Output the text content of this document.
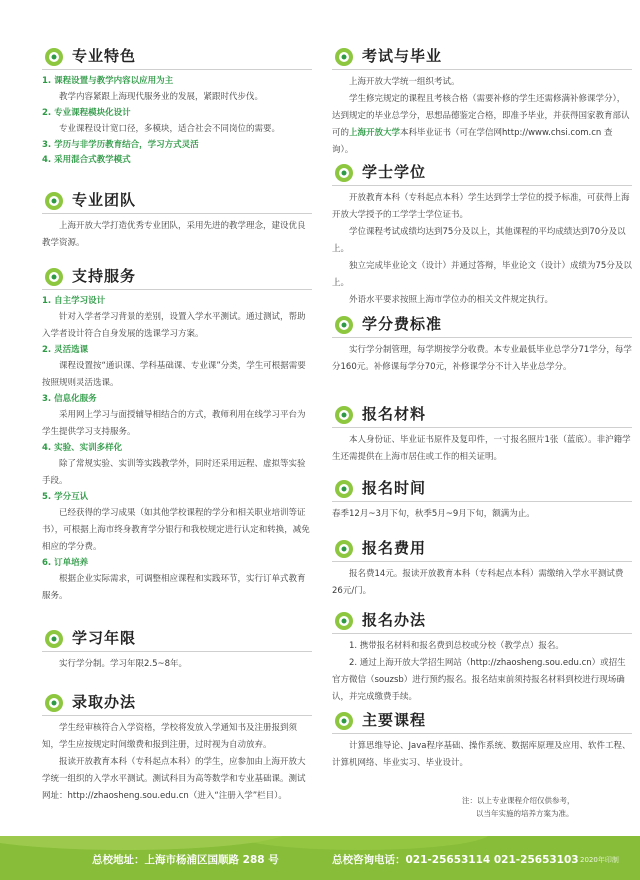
专业特色

1. 课程设置与教学内容以应用为主

教学内容紧跟上海现代服务业的发展，紧跟时代步伐。

2. 专业课程模块化设计

专业课程设计宽口径，多模块，适合社会不同岗位的需要。

3. 学历与非学历教育结合，学习方式灵活

4. 采用混合式教学模式

专业团队

上海开放大学打造优秀专业团队，采用先进的教学理念，建设优良教学资源。

支持服务

1. 自主学习设计

针对入学者学习背景的差别，设置入学水平测试。通过测试，帮助入学者设计符合自身发展的选课学习方案。

2. 灵活选课

课程设置按“通识课、学科基础课、专业课”分类，学生可根据需要按照规则灵活选课。

3. 信息化服务

采用网上学习与面授辅导相结合的方式，教师利用在线学习平台为学生提供学习支持服务。

4. 实验、实训多样化

除了常规实验、实训等实践教学外，同时还采用远程、虚拟等实验手段。

5. 学分互认

已经获得的学习成果（如其他学校课程的学分和相关职业培训等证书），可根据上海市终身教育学分银行和我校规定进行认定和转换，减免相应的学分费。

6. 订单培养

根据企业实际需求，可调整相应课程和实践环节，实行订单式教育服务。

学习年限

实行学分制。学习年限2.5~8年。

录取办法

学生经审核符合入学资格，学校将发放入学通知书及注册报到须知，学生应按规定时间缴费和报到注册，过时视为自动放弃。

报读开放教育本科（专科起点本科）的学生，应参加由上海开放大学统一组织的入学水平测试。测试科目为高等数学和专业基础课。测试网址：http://zhaosheng.sou.edu.cn（进入“注册入学”栏目）。

考试与毕业

上海开放大学统一组织考试。

学生修完规定的课程且考核合格（需要补修的学生还需修满补修课学分），达到规定的毕业总学分，思想品德鉴定合格，即准予毕业，并获得国家教育部认可的上海开放大学本科毕业证书（可在学信网http://www.chsi.com.cn 查询）。

学士学位

开放教育本科（专科起点本科）学生达到学士学位的授予标准，可获得上海开放大学授予的工学学士学位证书。

学位课程考试成绩均达到75分及以上，其他课程的平均成绩达到70分及以上。

独立完成毕业论文（设计）并通过答辩，毕业论文（设计）成绩为75分及以上。

外语水平要求按照上海市学位办的相关文件规定执行。

学分费标准

实行学分制管理，每学期按学分收费。本专业最低毕业总学分71学分，每学分160元。补修课每学分70元，补修课学分不计入毕业总学分。

报名材料

本人身份证、毕业证书原件及复印件，一寸报名照片1张（蓝底）。非沪籍学生还需提供在上海市居住或工作的相关证明。

报名时间

春季12月~3月下旬，秋季5月~9月下旬，额满为止。

报名费用

报名费14元。报读开放教育本科（专科起点本科）需缴纳入学水平测试费26元/门。

报名办法

1. 携带报名材料和报名费到总校或分校（教学点）报名。

2. 通过上海开放大学招生网站（http://zhaosheng.sou.edu.cn）或招生官方微信（souzsb）进行预约报名。报名结束前须持报名材料到校进行现场确认，并完成缴费手续。

主要课程

计算思维导论、Java程序基础、操作系统、数据库原理及应用、软件工程、计算机网络、毕业实习、毕业设计。

注：以上专业课程介绍仅供参考，
以当年实施的培养方案为准。
总校地址：上海市杨浦区国顺路 288 号	总校咨询电话：021-25653114 021-25653103 2020年印制
